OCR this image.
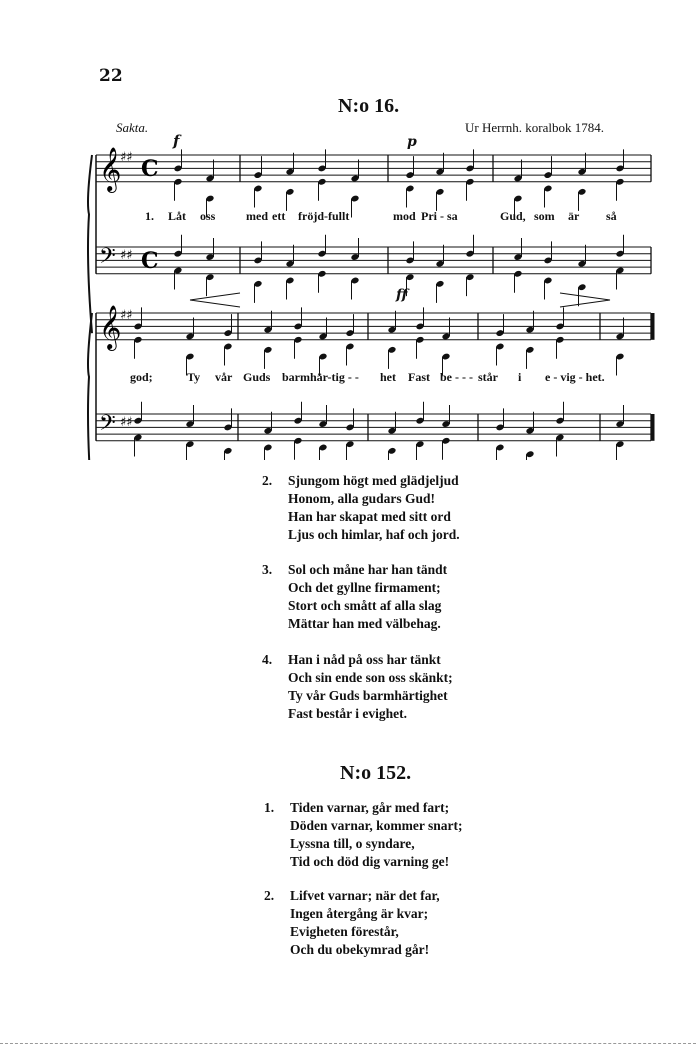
22
N:o 16.
Sakta.	Ur Herrnh. koralbok 1784.
𝄞
♯♯ C
𝄢 ♯♯ C
𝄞
♯♯
𝄢 ♯♯
f	p
ff
1. Låt oss	med ett fröjd-fullt	mod Pri - sa	Gud, som är så
god;	Ty vår Guds barmhär-tig - - het Fast be - - - står i e - vig - het.
2. Sjungom högt med glädjeljud
Honom, alla gudars Gud!
Han har skapat med sitt ord
Ljus och himlar, haf och jord.
3. Sol och måne har han tändt
Och det gyllne firmament;
Stort och smått af alla slag
Mättar han med välbehag.
4. Han i nåd på oss har tänkt
Och sin ende son oss skänkt;
Ty vår Guds barmhärtighet
Fast består i evighet.
N:o 152.
1. Tiden varnar, går med fart;
Döden varnar, kommer snart;
Lyssna till, o syndare,
Tid och död dig varning ge!
2. Lifvet varnar; när det far,
Ingen återgång är kvar;
Evigheten förestår,
Och du obekymrad går!
